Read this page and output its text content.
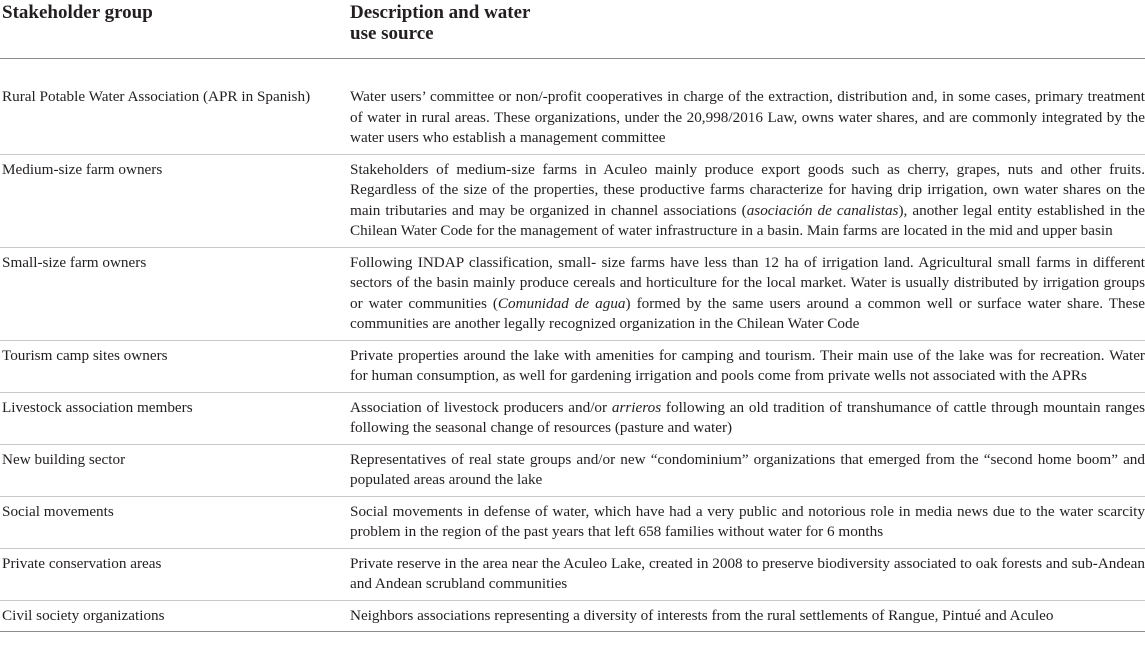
Stakeholder group	Description and water
use source

Rural Potable Water Association (APR in Spanish)	Water users’ committee or non/-profit cooperatives in charge of the extraction, distribution and, in some cases, primary treatment of water in rural areas. These organizations, under the 20,998/2016 Law, owns water shares, and are commonly integrated by the water users who establish a management committee

Medium-size farm owners	Stakeholders of medium-size farms in Aculeo mainly produce export goods such as cherry, grapes, nuts and other fruits. Regardless of the size of the properties, these productive farms characterize for having drip irrigation, own water shares on the main tributaries and may be organized in channel associations (asociación de canalistas), another legal entity established in the Chilean Water Code for the management of water infrastructure in a basin. Main farms are located in the mid and upper basin

Small-size farm owners	Following INDAP classification, small- size farms have less than 12 ha of irrigation land. Agricultural small farms in different sectors of the basin mainly produce cereals and horticulture for the local market. Water is usually distributed by irrigation groups or water communities (Comunidad de agua) formed by the same users around a common well or surface water share. These communities are another legally recognized organization in the Chilean Water Code

Tourism camp sites owners	Private properties around the lake with amenities for camping and tourism. Their main use of the lake was for recreation. Water for human consumption, as well for gardening irrigation and pools come from private wells not associated with the APRs

Livestock association members	Association of livestock producers and/or arrieros following an old tradition of transhumance of cattle through mountain ranges following the seasonal change of resources (pasture and water)

New building sector	Representatives of real state groups and/or new “condominium” organizations that emerged from the “second home boom” and populated areas around the lake

Social movements	Social movements in defense of water, which have had a very public and notorious role in media news due to the water scarcity problem in the region of the past years that left 658 families without water for 6 months

Private conservation areas	Private reserve in the area near the Aculeo Lake, created in 2008 to preserve biodiversity associated to oak forests and sub-Andean and Andean scrubland communities

Civil society organizations	Neighbors associations representing a diversity of interests from the rural settlements of Rangue, Pintué and Aculeo
